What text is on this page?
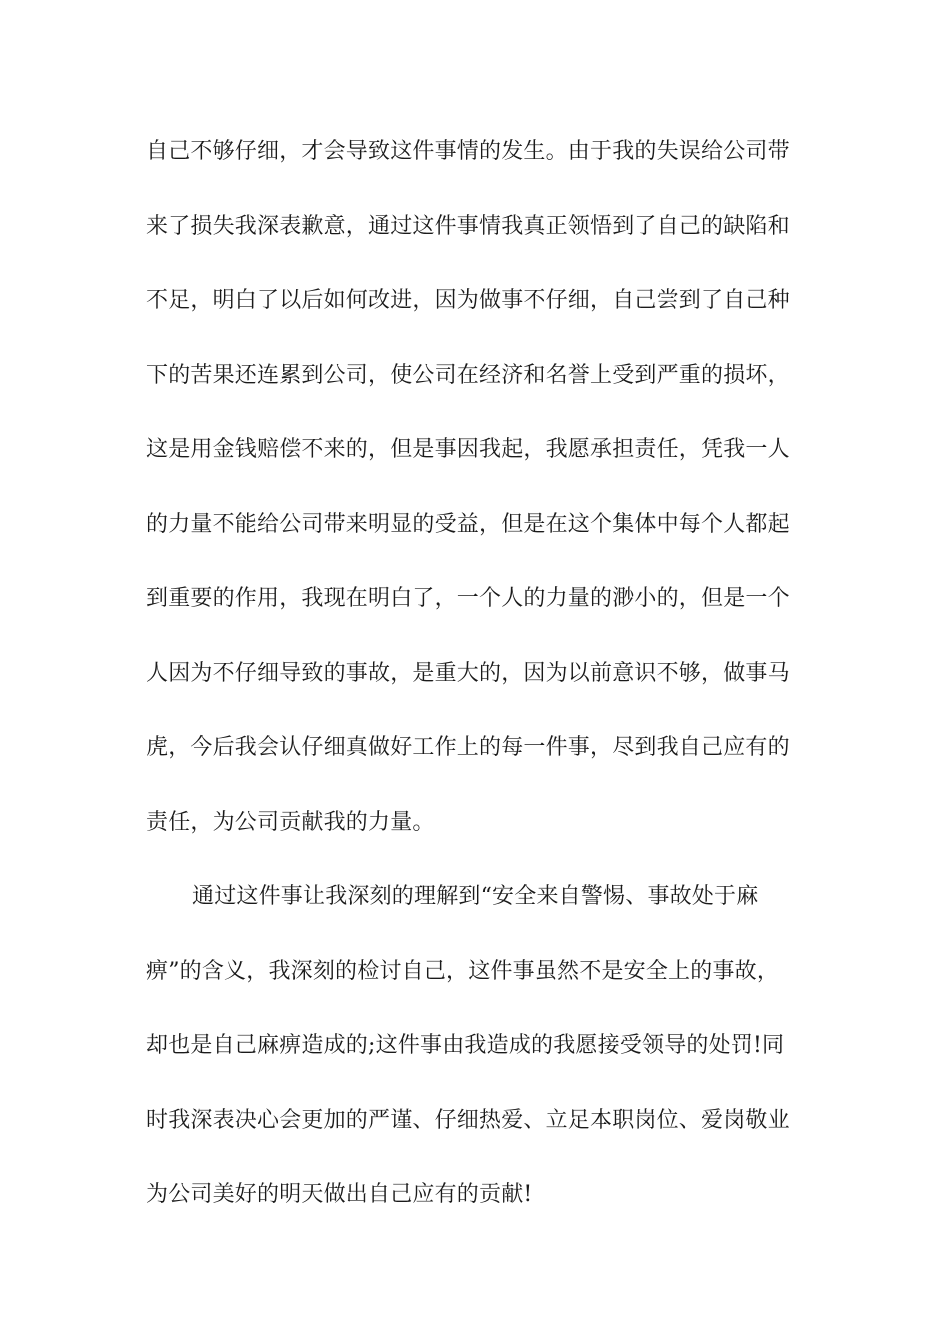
自己不够仔细，才会导致这件事情的发生。由于我的失误给公司带
来了损失我深表歉意，通过这件事情我真正领悟到了自己的缺陷和
不足，明白了以后如何改进，因为做事不仔细，自己尝到了自己种
下的苦果还连累到公司，使公司在经济和名誉上受到严重的损坏，
这是用金钱赔偿不来的，但是事因我起，我愿承担责任，凭我一人
的力量不能给公司带来明显的受益，但是在这个集体中每个人都起
到重要的作用，我现在明白了，一个人的力量的渺小的，但是一个
人因为不仔细导致的事故，是重大的，因为以前意识不够，做事马
虎，今后我会认仔细真做好工作上的每一件事，尽到我自己应有的
责任，为公司贡献我的力量。
通过这件事让我深刻的理解到“安全来自警惕、事故处于麻
痹”的含义，我深刻的检讨自己，这件事虽然不是安全上的事故，
却也是自己麻痹造成的;这件事由我造成的我愿接受领导的处罚!同
时我深表决心会更加的严谨、仔细热爱、立足本职岗位、爱岗敬业
为公司美好的明天做出自己应有的贡献!
